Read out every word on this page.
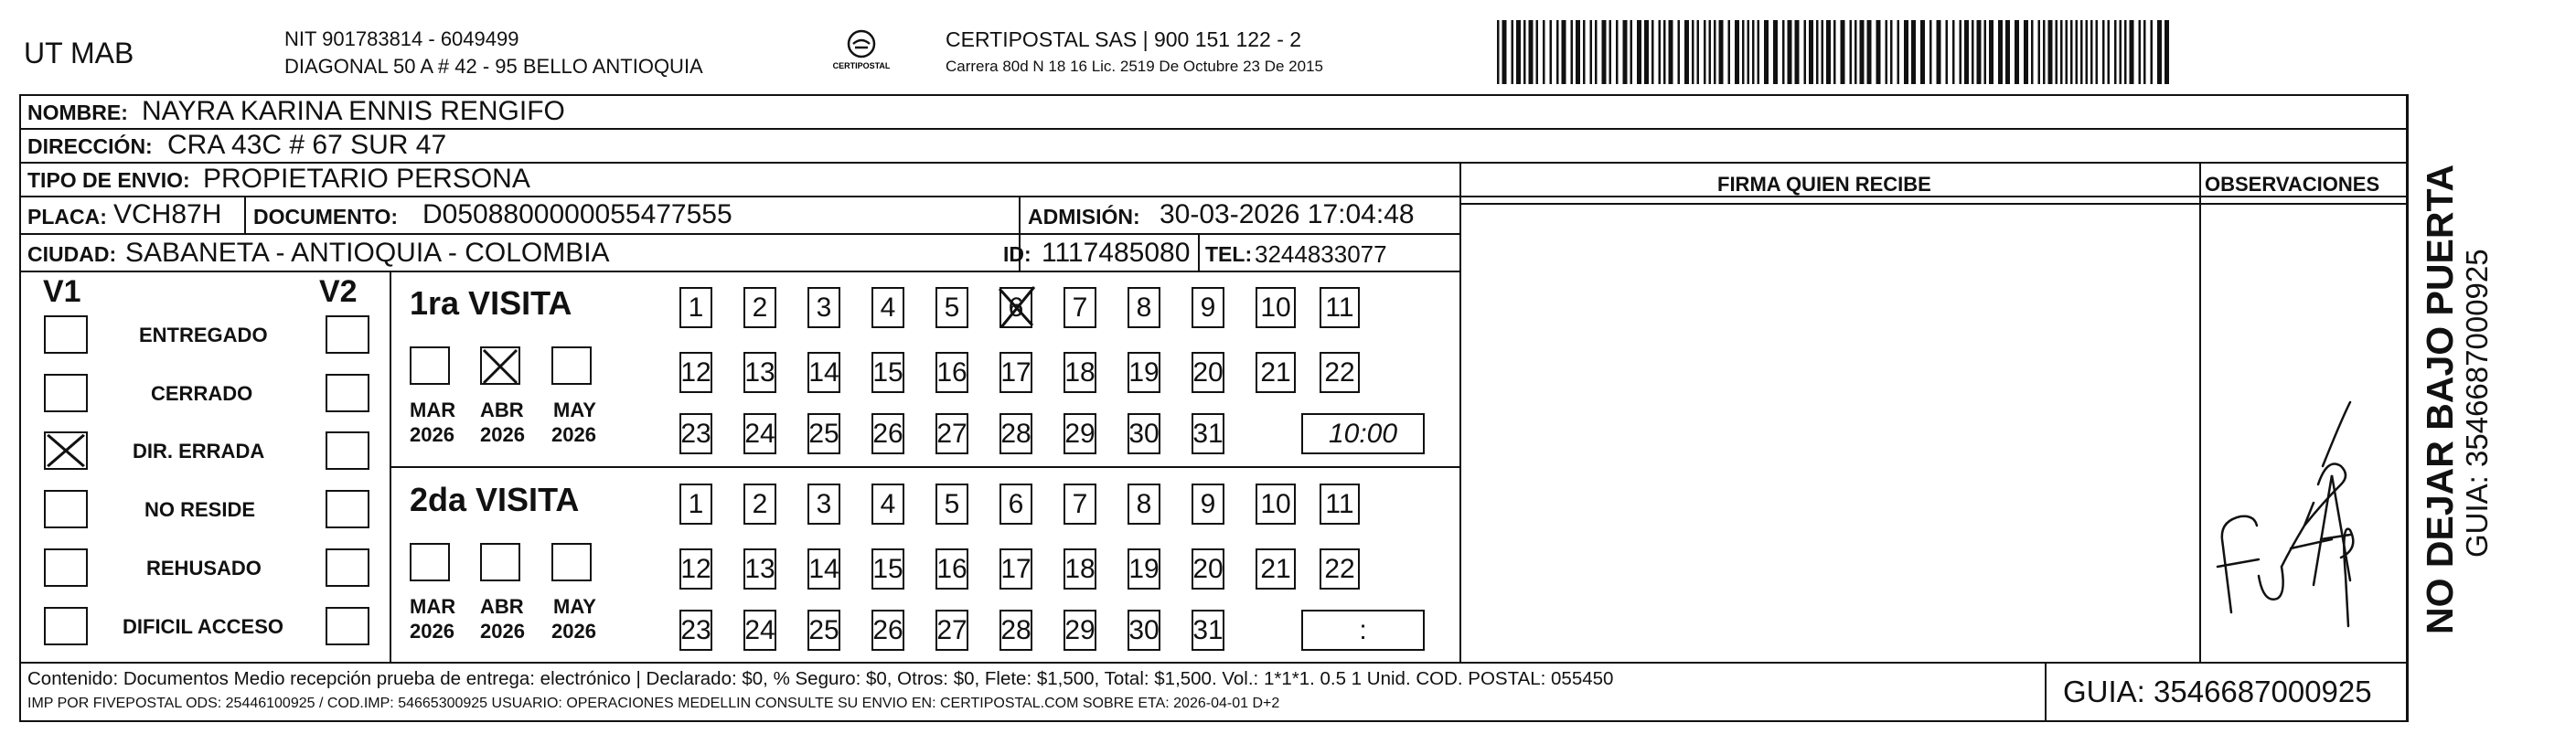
UT MAB	NIT 901783814 - 6049499
DIAGONAL 50 A # 42 - 95 BELLO ANTIOQUIA	CERTIPOSTAL
CERTIPOSTAL SAS | 900 151 122 - 2
Carrera 80d N 18 16 Lic. 2519 De Octubre 23 De 2015
NOMBRE: NAYRA KARINA ENNIS RENGIFO
DIRECCIÓN: CRA 43C # 67 SUR 47
TIPO DE ENVIO: PROPIETARIO PERSONA	FIRMA QUIEN RECIBE	OBSERVACIONES
PLACA: VCH87H DOCUMENTO: D0508800000055477555	ADMISIÓN: 30-03-2026 17:04:48
CIUDAD: SABANETA - ANTIOQUIA - COLOMBIA	ID: 1117485080 TEL: 3244833077
V1	V2
ENTREGADO
CERRADO
DIR. ERRADA
NO RESIDE
REHUSADO
DIFICIL ACCESO
1ra VISITA
MAR
2026
ABR
2026
MAY
2026
1	2	3	4	5	6	7	8	9	10 11
12 13 14 15 16 17 18 19 20 21 22
23 24 25 26 27 28 29 30 31	10:00
2da VISITA
MAR
2026
ABR
2026
MAY
2026
1	2	3	4	5	6	7	8	9	10 11
12 13 14 15 16 17 18 19 20 21 22
23 24 25 26 27 28 29 30 31	:	NO DEJAR BAJO PUERTA GUIA: 3546687000925
Contenido: Documentos Medio recepción prueba de entrega: electrónico | Declarado: $0, % Seguro: $0, Otros: $0, Flete: $1,500, Total: $1,500. Vol.: 1*1*1. 0.5 1 Unid. COD. POSTAL: 055450
IMP POR FIVEPOSTAL ODS: 25446100925 / COD.IMP: 54665300925 USUARIO: OPERACIONES MEDELLIN CONSULTE SU ENVIO EN: CERTIPOSTAL.COM SOBRE ETA: 2026-04-01 D+2	GUIA: 3546687000925
